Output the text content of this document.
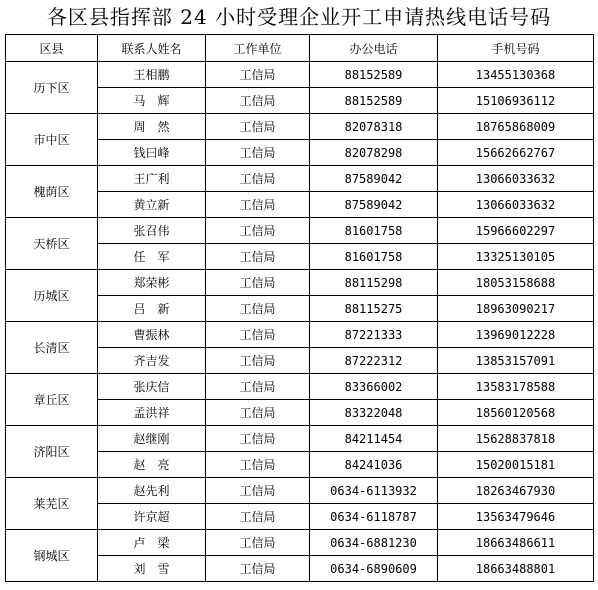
各区县指挥部 24 小时受理企业开工申请热线电话号码
区县	联系人姓名	工作单位	办公电话	手机号码
历下区	王相鹏	工信局	88152589	13455130368
	马　辉	工信局	88152589	15106936112
市中区	周　然	工信局	82078318	18765868009
	钱曰峰	工信局	82078298	15662662767
槐荫区	王广利	工信局	87589042	13066033632
	黄立新	工信局	87589042	13066033632
天桥区	张召伟	工信局	81601758	15966602297
	任　军	工信局	81601758	13325130105
历城区	郑荣彬	工信局	88115298	18053158688
	吕　新	工信局	88115275	18963090217
长清区	曹振林	工信局	87221333	13969012228
	齐吉发	工信局	87222312	13853157091
章丘区	张庆信	工信局	83366002	13583178588
	孟洪祥	工信局	83322048	18560120568
济阳区	赵继刚	工信局	84211454	15628837818
	赵　亮	工信局	84241036	15020015181
莱芜区	赵先利	工信局	0634-6113932	18263467930
	许京超	工信局	0634-6118787	13563479646
钢城区	卢　梁	工信局	0634-6881230	18663486611
	刘　雪	工信局	0634-6890609	18663488801
